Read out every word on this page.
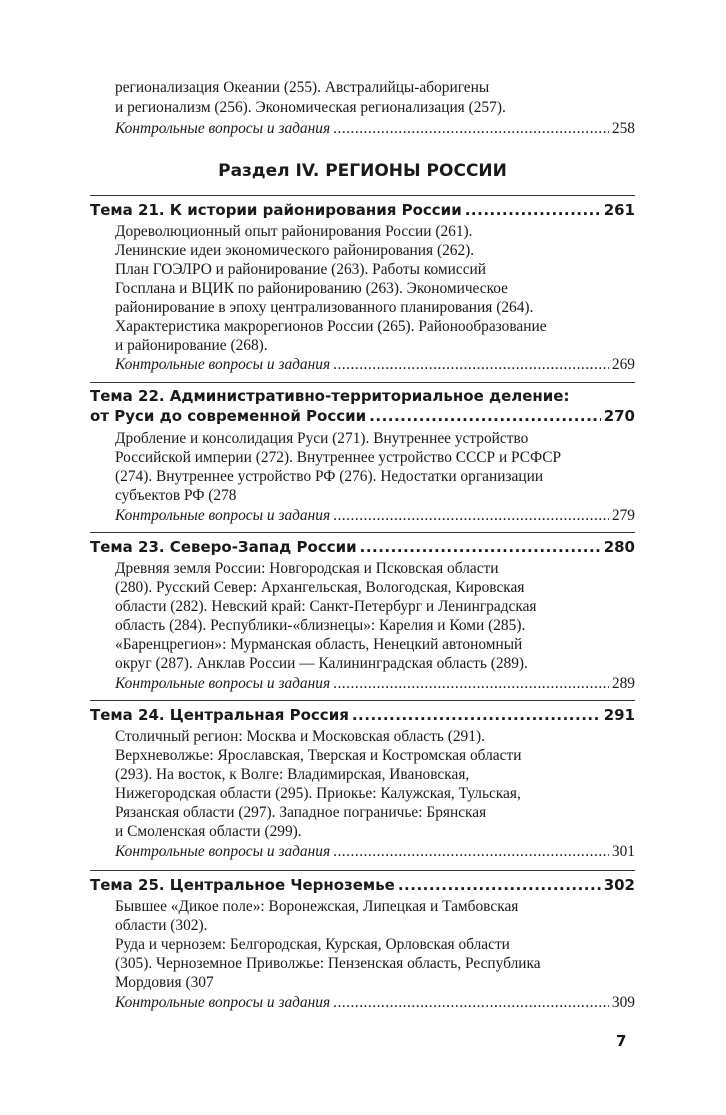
регионализация Океании (255). Австралийцы-аборигены
и регионализм (256). Экономическая регионализация (257).
Контрольные вопросы и задания .....	258
Раздел IV. РЕГИОНЫ РОССИИ
Тема 21. К истории районирования России .....	261
Дореволюционный опыт районирования России (261).
Ленинские идеи экономического районирования (262).
План ГОЭЛРО и районирование (263). Работы комиссий
Госплана и ВЦИК по районированию (263). Экономическое
районирование в эпоху централизованного планирования (264).
Характеристика макрорегионов России (265). Районообразование
и районирование (268).
Контрольные вопросы и задания .....	269
Тема 22. Административно-территориальное деление:
от Руси до современной России .....	270
Дробление и консолидация Руси (271). Внутреннее устройство
Российской империи (272). Внутреннее устройство СССР и РСФСР
(274). Внутреннее устройство РФ (276). Недостатки организации
субъектов РФ (278
Контрольные вопросы и задания .....	279
Тема 23. Северо-Запад России .....	280
Древняя земля России: Новгородская и Псковская области
(280). Русский Север: Архангельская, Вологодская, Кировская
области (282). Невский край: Санкт-Петербург и Ленинградская
область (284). Республики-«близнецы»: Карелия и Коми (285).
«Баренцрегион»: Мурманская область, Ненецкий автономный
округ (287). Анклав России — Калининградская область (289).
Контрольные вопросы и задания .....	289
Тема 24. Центральная Россия .....	291
Столичный регион: Москва и Московская область (291).
Верхневолжье: Ярославская, Тверская и Костромская области
(293). На восток, к Волге: Владимирская, Ивановская,
Нижегородская области (295). Приокье: Калужская, Тульская,
Рязанская области (297). Западное пограничье: Брянская
и Смоленская области (299).
Контрольные вопросы и задания .....	301
Тема 25. Центральное Черноземье .....	302
Бывшее «Дикое поле»: Воронежская, Липецкая и Тамбовская
области (302).
Руда и чернозем: Белгородская, Курская, Орловская области
(305). Черноземное Приволжье: Пензенская область, Республика
Мордовия (307
Контрольные вопросы и задания .....	309
7
